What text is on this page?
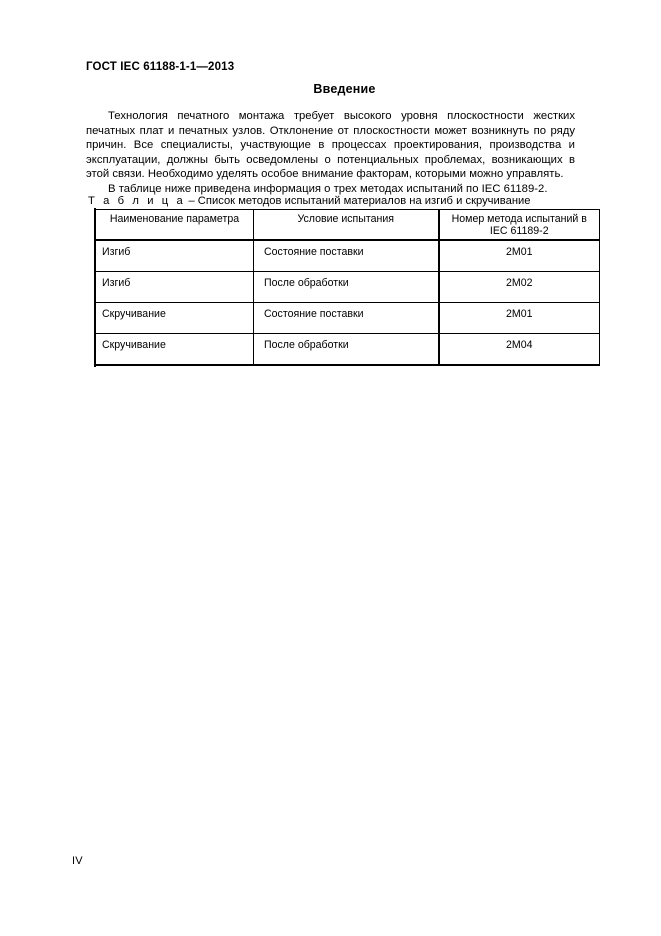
ГОСТ IEC 61188-1-1—2013
Введение

Технология печатного монтажа требует высокого уровня плоскостности жестких печатных плат и печатных узлов. Отклонение от плоскостности может возникнуть по ряду причин. Все специалисты, участвующие в процессах проектирования, производства и эксплуатации, должны быть осведомлены о потенциальных проблемах, возникающих в этой связи. Необходимо уделять особое внимание факторам, которыми можно управлять.

В таблице ниже приведена информация о трех методах испытаний по IEC 61189-2.

Т а б л и ц а – Список методов испытаний материалов на изгиб и скручивание
Наименование параметра	Условие испытания	Номер метода испытаний в IEC 61189-2
Изгиб	Состояние поставки	2M01
Изгиб	После обработки	2M02
Скручивание	Состояние поставки	2M01
Скручивание	После обработки	2M04
IV
